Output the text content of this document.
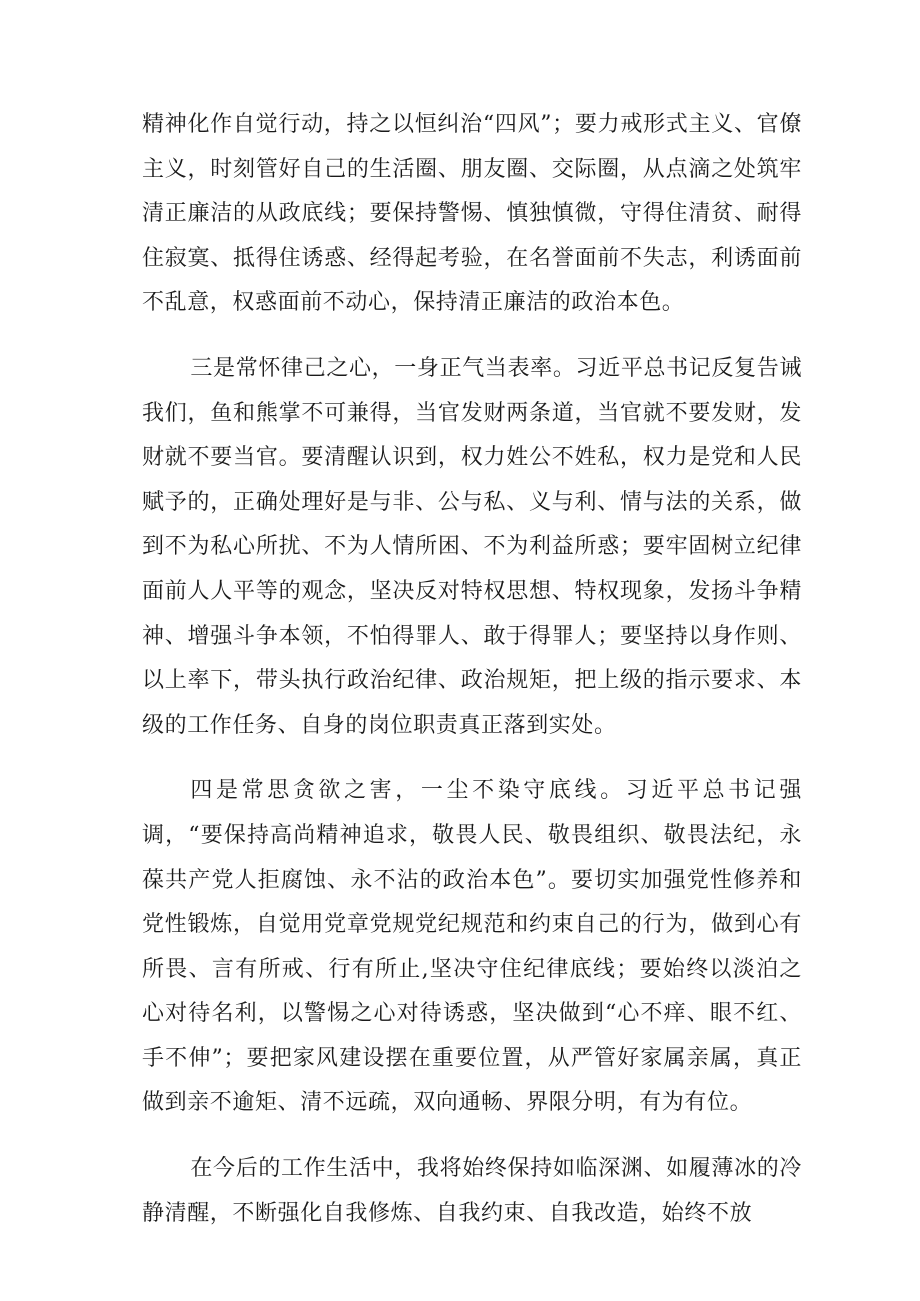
精神化作自觉行动，持之以恒纠治“四风”；要力戒形式主义、官僚主义，时刻管好自己的生活圈、朋友圈、交际圈，从点滴之处筑牢清正廉洁的从政底线；要保持警惕、慎独慎微，守得住清贫、耐得住寂寞、抵得住诱惑、经得起考验，在名誉面前不失志，利诱面前不乱意，权惑面前不动心，保持清正廉洁的政治本色。

三是常怀律己之心，一身正气当表率。习近平总书记反复告诫我们，鱼和熊掌不可兼得，当官发财两条道，当官就不要发财，发财就不要当官。要清醒认识到，权力姓公不姓私，权力是党和人民赋予的，正确处理好是与非、公与私、义与利、情与法的关系，做到不为私心所扰、不为人情所困、不为利益所惑；要牢固树立纪律面前人人平等的观念，坚决反对特权思想、特权现象，发扬斗争精神、增强斗争本领，不怕得罪人、敢于得罪人；要坚持以身作则、以上率下，带头执行政治纪律、政治规矩，把上级的指示要求、本级的工作任务、自身的岗位职责真正落到实处。

四是常思贪欲之害，一尘不染守底线。习近平总书记强调，“要保持高尚精神追求，敬畏人民、敬畏组织、敬畏法纪，永葆共产党人拒腐蚀、永不沾的政治本色”。要切实加强党性修养和党性锻炼，自觉用党章党规党纪规范和约束自己的行为，做到心有所畏、言有所戒、行有所止,坚决守住纪律底线；要始终以淡泊之心对待名利，以警惕之心对待诱惑，坚决做到“心不痒、眼不红、手不伸”；要把家风建设摆在重要位置，从严管好家属亲属，真正做到亲不逾矩、清不远疏，双向通畅、界限分明，有为有位。

在今后的工作生活中，我将始终保持如临深渊、如履薄冰的冷静清醒，不断强化自我修炼、自我约束、自我改造，始终不放
